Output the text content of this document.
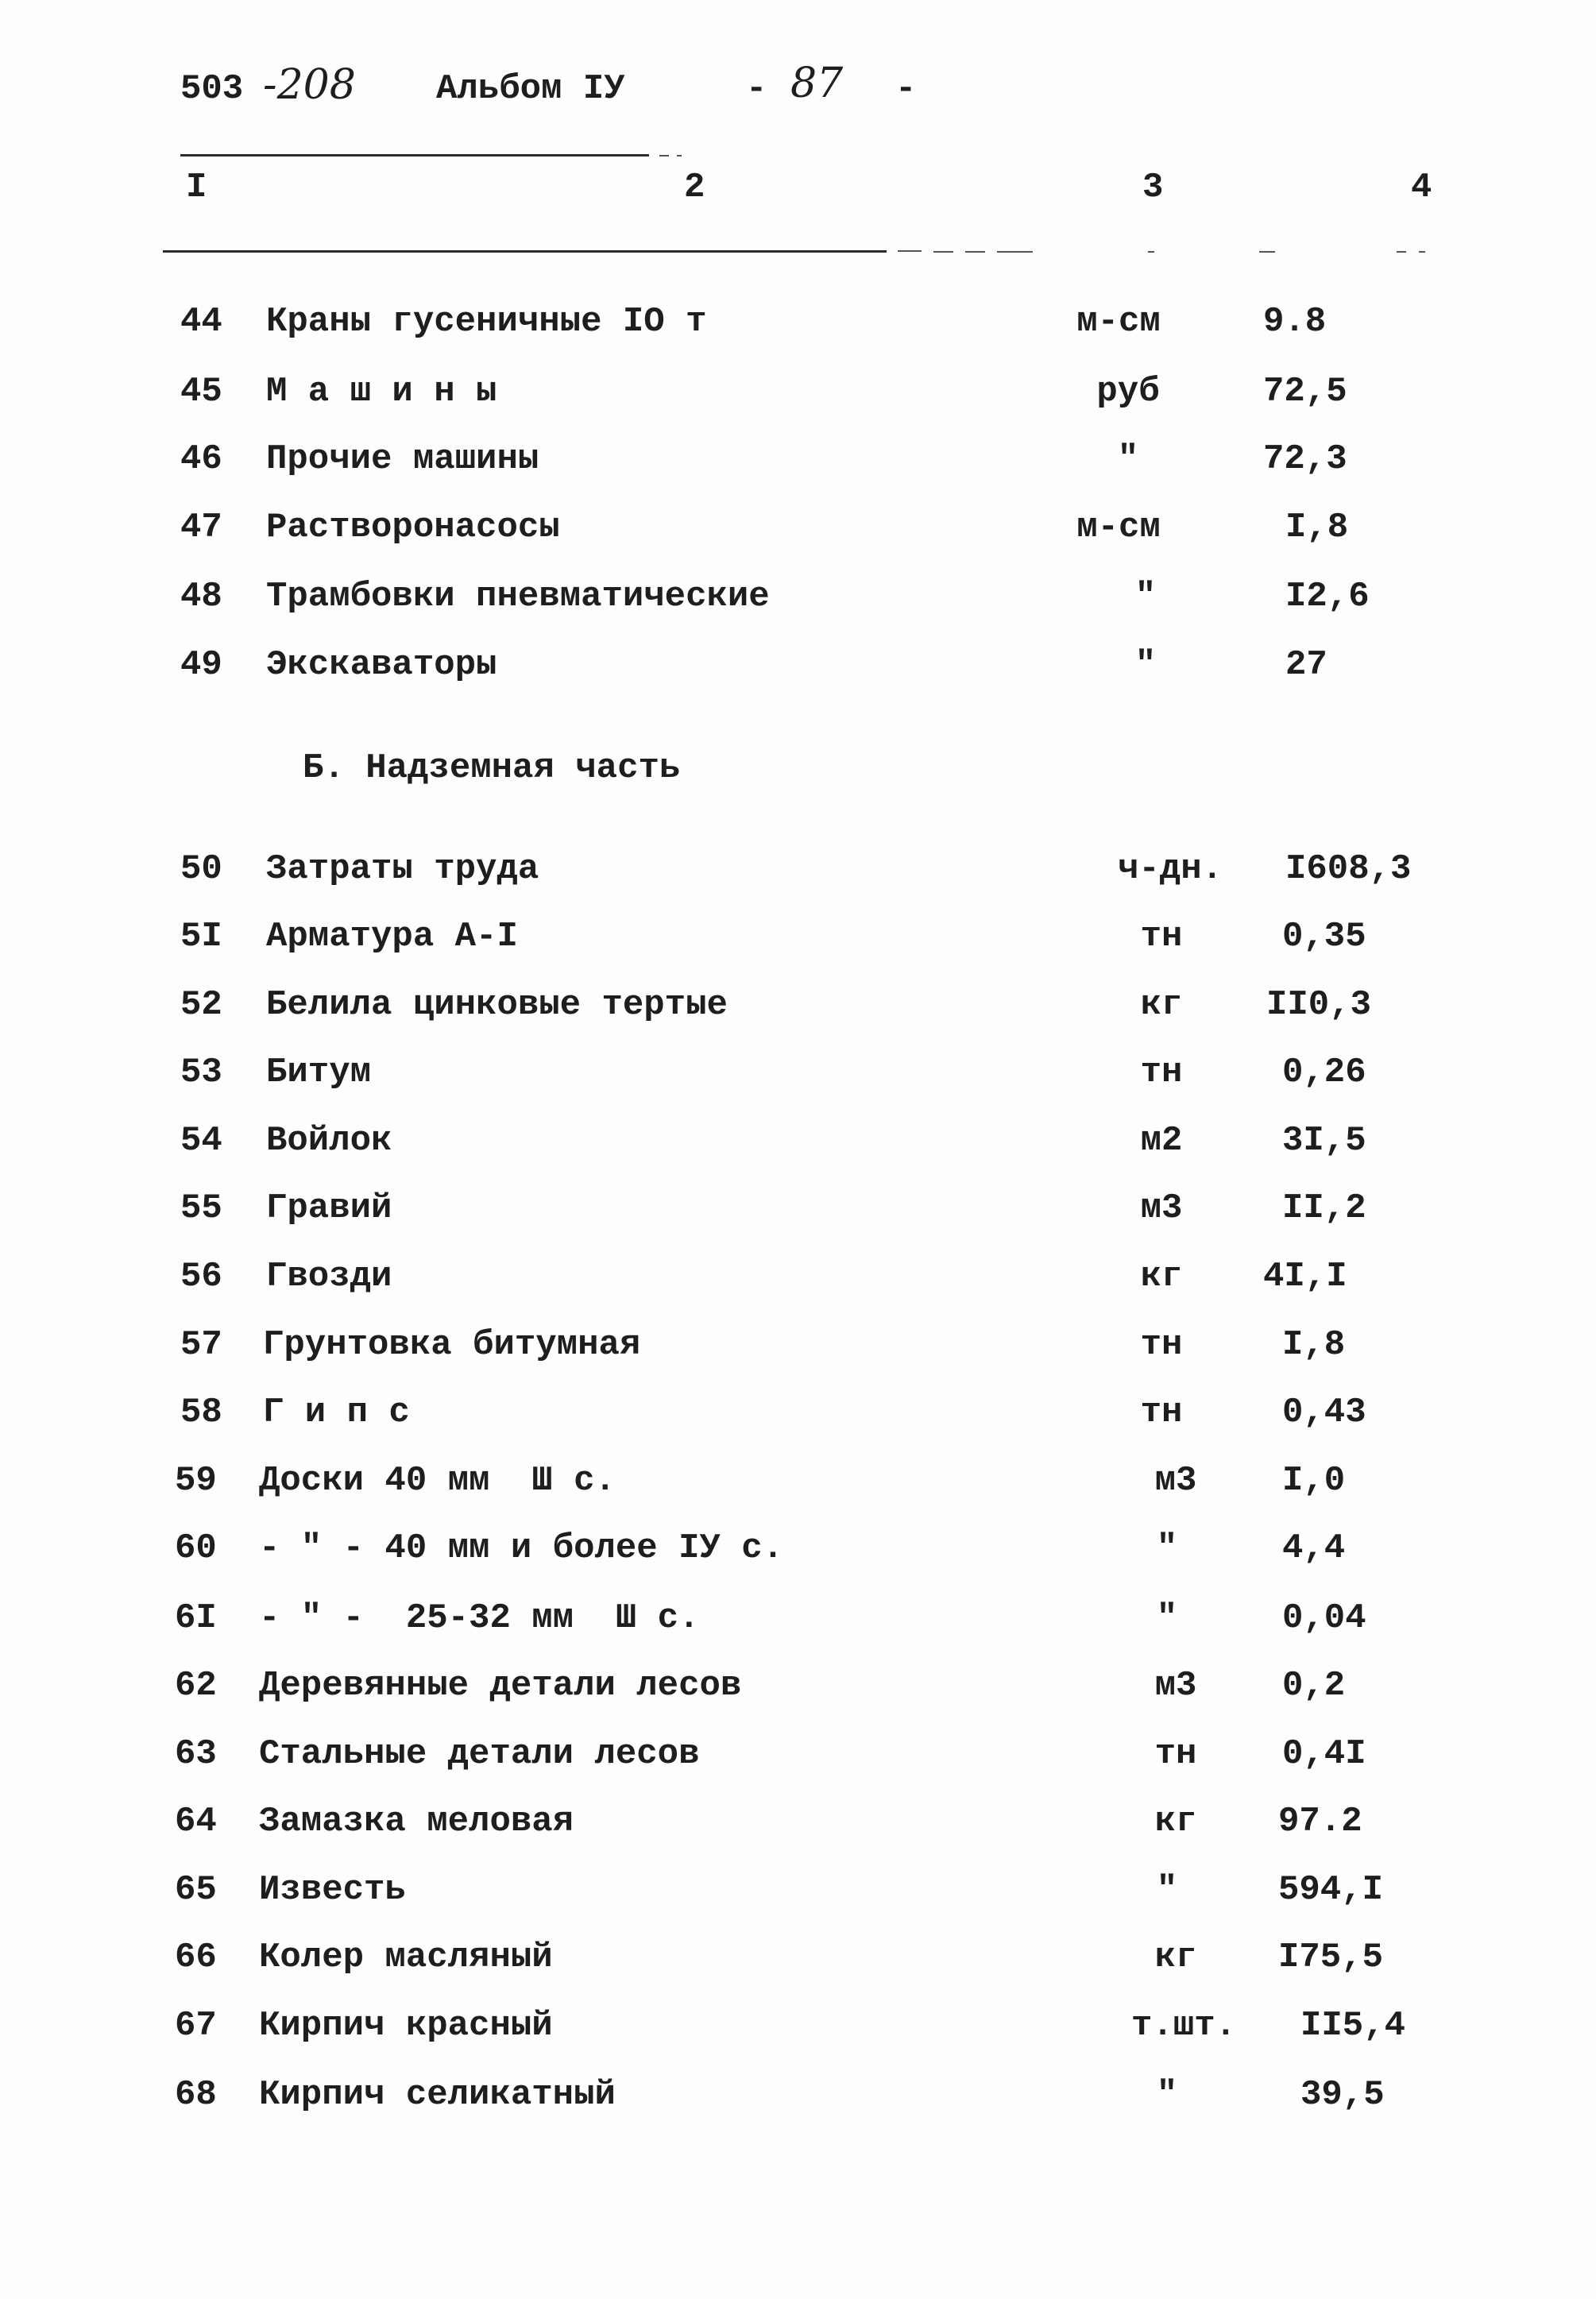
503 -208 Альбом IУ	- 87 -
I	2	3	4
44 Краны гусеничные IO т	м-см	9.8
45 М а ш и н ы	руб	72,5
46 Прочие машины	"	72,3
47 Растворонасосы	м-см	I,8
48 Трамбовки пневматические	"	I2,6
49 Экскаваторы	"	27
Б. Надземная часть
50 Затраты труда	ч-дн.	I608,3
5I Арматура A-I	тн	0,35
52 Белила цинковые тертые	кг	II0,3
53 Битум	тн	0,26
54 Войлок	м2	3I,5
55 Гравий	м3	II,2
56 Гвозди	кг	4I,I
57 Грунтовка битумная	тн	I,8
58 Г и п с	тн	0,43
59 Доски 40 мм  Ш с.	м3	I,0
60 - " - 40 мм и более IУ с.	"	4,4
6I - " -  25-32 мм  Ш с.	"	0,04
62 Деревянные детали лесов	м3	0,2
63 Стальные детали лесов	тн	0,4I
64 Замазка меловая	кг	97.2
65 Известь	"	594,I
66 Колер масляный	кг	I75,5
67 Кирпич красный	т.шт.	II5,4
68 Кирпич селикатный	"	39,5
